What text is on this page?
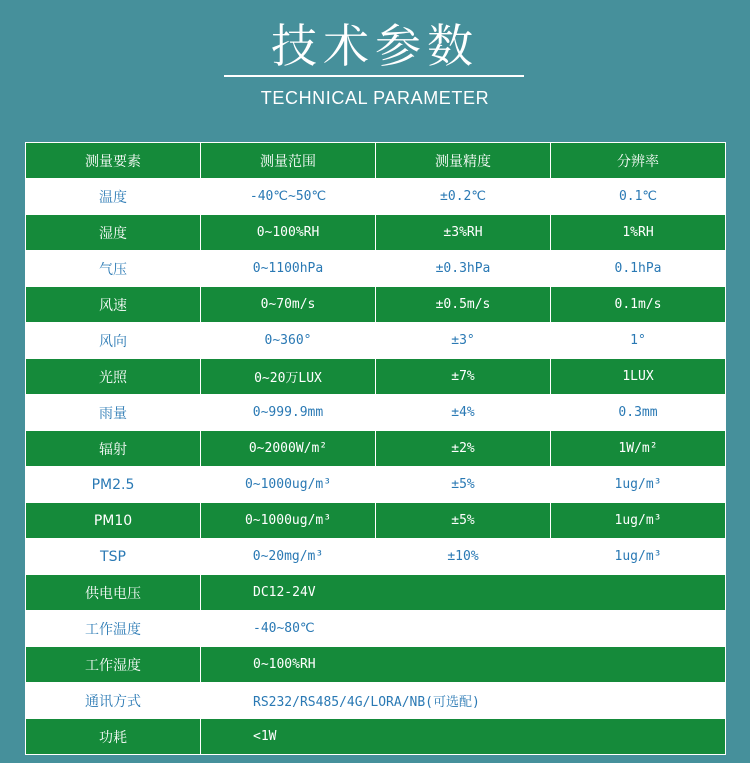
技术参数
TECHNICAL PARAMETER
测量要素	测量范围	测量精度	分辨率
温度	-40℃~50℃	±0.2℃	0.1℃
湿度	0~100%RH	±3%RH	1%RH
气压	0~1100hPa	±0.3hPa	0.1hPa
风速	0~70m/s	±0.5m/s	0.1m/s
风向	0~360°	±3°	1°
光照	0~20万LUX	±7%	1LUX
雨量	0~999.9mm	±4%	0.3mm
辐射	0~2000W/m²	±2%	1W/m²
PM2.5	0~1000ug/m³	±5%	1ug/m³
PM10	0~1000ug/m³	±5%	1ug/m³
TSP	0~20mg/m³	±10%	1ug/m³
供电电压	DC12-24V		
工作温度	-40~80℃		
工作湿度	0~100%RH		
通讯方式	RS232/RS485/4G/LORA/NB(可选配)		
功耗	<1W		
